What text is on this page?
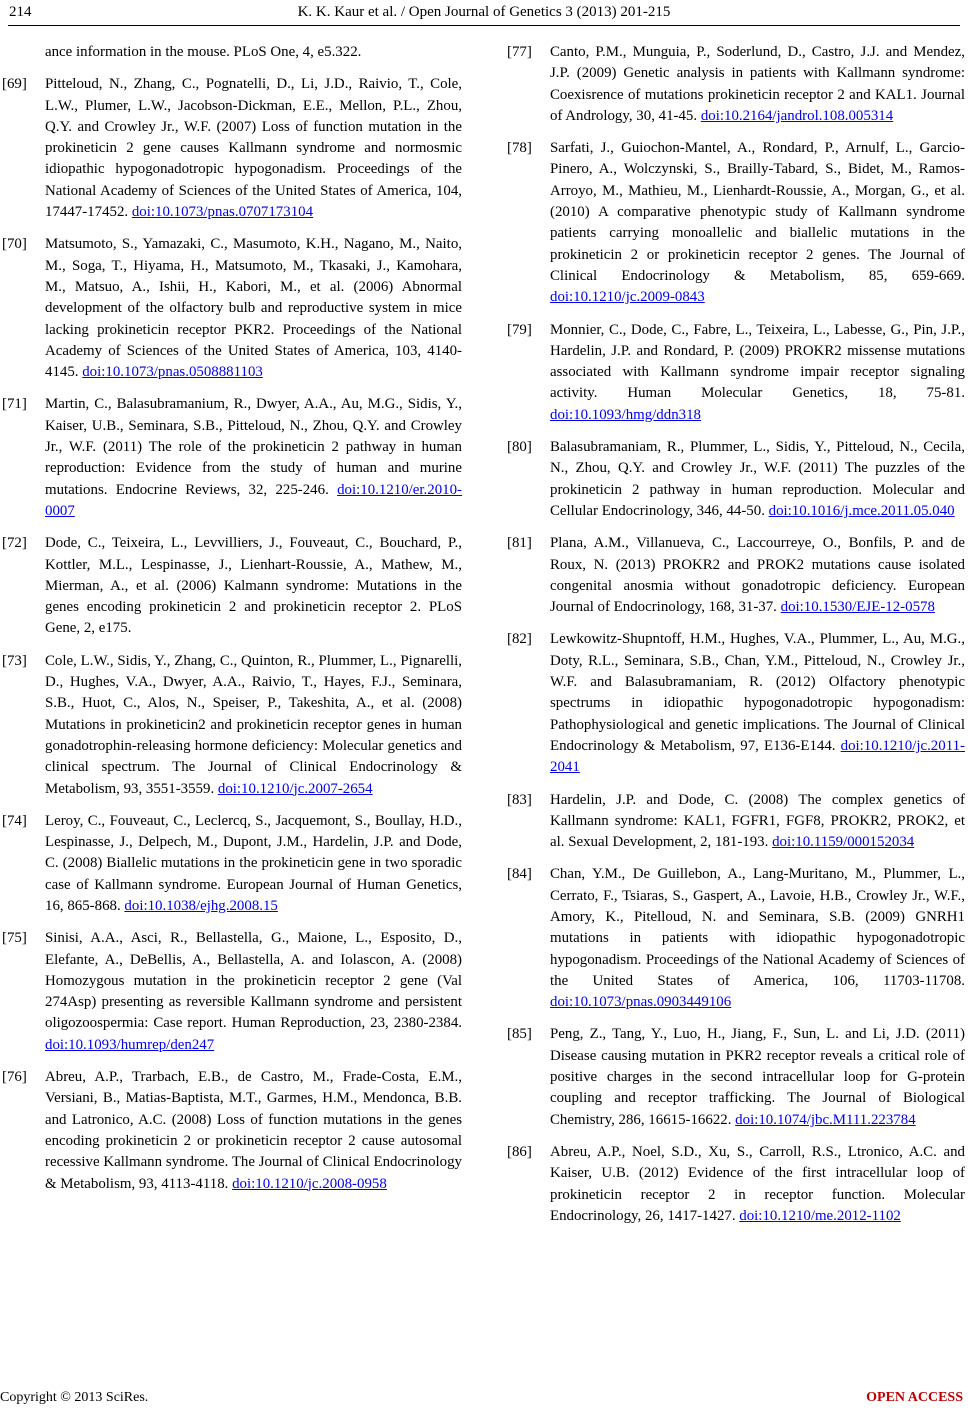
214	K. K. Kaur et al. / Open Journal of Genetics 3 (2013) 201-215
ance information in the mouse. PLoS One, 4, e5.322.
[69] Pitteloud, N., Zhang, C., Pognatelli, D., Li, J.D., Raivio, T., Cole, L.W., Plumer, L.W., Jacobson-Dickman, E.E., Mellon, P.L., Zhou, Q.Y. and Crowley Jr., W.F. (2007) Loss of function mutation in the prokineticin 2 gene causes Kallmann syndrome and normosmic idiopathic hypogonadotropic hypogonadism. Proceedings of the National Academy of Sciences of the United States of America, 104, 17447-17452. doi:10.1073/pnas.0707173104
[70] Matsumoto, S., Yamazaki, C., Masumoto, K.H., Nagano, M., Naito, M., Soga, T., Hiyama, H., Matsumoto, M., Tkasaki, J., Kamohara, M., Matsuo, A., Ishii, H., Kabori, M., et al. (2006) Abnormal development of the olfactory bulb and reproductive system in mice lacking prokineticin receptor PKR2. Proceedings of the National Academy of Sciences of the United States of America, 103, 4140-4145. doi:10.1073/pnas.0508881103
[71] Martin, C., Balasubramanium, R., Dwyer, A.A., Au, M.G., Sidis, Y., Kaiser, U.B., Seminara, S.B., Pitteloud, N., Zhou, Q.Y. and Crowley Jr., W.F. (2011) The role of the prokineticin 2 pathway in human reproduction: Evidence from the study of human and murine mutations. Endocrine Reviews, 32, 225-246. doi:10.1210/er.2010-0007
[72] Dode, C., Teixeira, L., Levvilliers, J., Fouveaut, C., Bouchard, P., Kottler, M.L., Lespinasse, J., Lienhart-Roussie, A., Mathew, M., Mierman, A., et al. (2006) Kalmann syndrome: Mutations in the genes encoding prokineticin 2 and prokineticin receptor 2. PLoS Gene, 2, e175.
[73] Cole, L.W., Sidis, Y., Zhang, C., Quinton, R., Plummer, L., Pignarelli, D., Hughes, V.A., Dwyer, A.A., Raivio, T., Hayes, F.J., Seminara, S.B., Huot, C., Alos, N., Speiser, P., Takeshita, A., et al. (2008) Mutations in prokineticin2 and prokineticin receptor genes in human gonadotrophin-releasing hormone deficiency: Molecular genetics and clinical spectrum. The Journal of Clinical Endocrinology & Metabolism, 93, 3551-3559. doi:10.1210/jc.2007-2654
[74] Leroy, C., Fouveaut, C., Leclercq, S., Jacquemont, S., Boullay, H.D., Lespinasse, J., Delpech, M., Dupont, J.M., Hardelin, J.P. and Dode, C. (2008) Biallelic mutations in the prokineticin gene in two sporadic case of Kallmann syndrome. European Journal of Human Genetics, 16, 865-868. doi:10.1038/ejhg.2008.15
[75] Sinisi, A.A., Asci, R., Bellastella, G., Maione, L., Esposito, D., Elefante, A., DeBellis, A., Bellastella, A. and Iolascon, A. (2008) Homozygous mutation in the prokineticin receptor 2 gene (Val 274Asp) presenting as reversible Kallmann syndrome and persistent oligozoospermia: Case report. Human Reproduction, 23, 2380-2384. doi:10.1093/humrep/den247
[76] Abreu, A.P., Trarbach, E.B., de Castro, M., Frade-Costa, E.M., Versiani, B., Matias-Baptista, M.T., Garmes, H.M., Mendonca, B.B. and Latronico, A.C. (2008) Loss of function mutations in the genes encoding prokineticin 2 or prokineticin receptor 2 cause autosomal recessive Kallmann syndrome. The Journal of Clinical Endocrinology & Metabolism, 93, 4113-4118. doi:10.1210/jc.2008-0958
[77] Canto, P.M., Munguia, P., Soderlund, D., Castro, J.J. and Mendez, J.P. (2009) Genetic analysis in patients with Kallmann syndrome: Coexisrence of mutations prokineticin receptor 2 and KAL1. Journal of Andrology, 30, 41-45. doi:10.2164/jandrol.108.005314
[78] Sarfati, J., Guiochon-Mantel, A., Rondard, P., Arnulf, L., Garcio-Pinero, A., Wolczynski, S., Brailly-Tabard, S., Bidet, M., Ramos-Arroyo, M., Mathieu, M., Lienhardt-Roussie, A., Morgan, G., et al. (2010) A comparative phenotypic study of Kallmann syndrome patients carrying monoallelic and biallelic mutations in the prokineticin 2 or prokineticin receptor 2 genes. The Journal of Clinical Endocrinology & Metabolism, 85, 659-669. doi:10.1210/jc.2009-0843
[79] Monnier, C., Dode, C., Fabre, L., Teixeira, L., Labesse, G., Pin, J.P., Hardelin, J.P. and Rondard, P. (2009) PROKR2 missense mutations associated with Kallmann syndrome impair receptor signaling activity. Human Molecular Genetics, 18, 75-81. doi:10.1093/hmg/ddn318
[80] Balasubramaniam, R., Plummer, L., Sidis, Y., Pitteloud, N., Cecila, N., Zhou, Q.Y. and Crowley Jr., W.F. (2011) The puzzles of the prokineticin 2 pathway in human reproduction. Molecular and Cellular Endocrinology, 346, 44-50. doi:10.1016/j.mce.2011.05.040
[81] Plana, A.M., Villanueva, C., Laccourreye, O., Bonfils, P. and de Roux, N. (2013) PROKR2 and PROK2 mutations cause isolated congenital anosmia without gonadotropic deficiency. European Journal of Endocrinology, 168, 31-37. doi:10.1530/EJE-12-0578
[82] Lewkowitz-Shupntoff, H.M., Hughes, V.A., Plummer, L., Au, M.G., Doty, R.L., Seminara, S.B., Chan, Y.M., Pitteloud, N., Crowley Jr., W.F. and Balasubramaniam, R. (2012) Olfactory phenotypic spectrums in idiopathic hypogonadotropic hypogonadism: Pathophysiological and genetic implications. The Journal of Clinical Endocrinology & Metabolism, 97, E136-E144. doi:10.1210/jc.2011-2041
[83] Hardelin, J.P. and Dode, C. (2008) The complex genetics of Kallmann syndrome: KAL1, FGFR1, FGF8, PROKR2, PROK2, et al. Sexual Development, 2, 181-193. doi:10.1159/000152034
[84] Chan, Y.M., De Guillebon, A., Lang-Muritano, M., Plummer, L., Cerrato, F., Tsiaras, S., Gaspert, A., Lavoie, H.B., Crowley Jr., W.F., Amory, K., Pitelloud, N. and Seminara, S.B. (2009) GNRH1 mutations in patients with idiopathic hypogonadotropic hypogonadism. Proceedings of the National Academy of Sciences of the United States of America, 106, 11703-11708. doi:10.1073/pnas.0903449106
[85] Peng, Z., Tang, Y., Luo, H., Jiang, F., Sun, L. and Li, J.D. (2011) Disease causing mutation in PKR2 receptor reveals a critical role of positive charges in the second intracellular loop for G-protein coupling and receptor trafficking. The Journal of Biological Chemistry, 286, 16615-16622. doi:10.1074/jbc.M111.223784
[86] Abreu, A.P., Noel, S.D., Xu, S., Carroll, R.S., Ltronico, A.C. and Kaiser, U.B. (2012) Evidence of the first intracellular loop of prokineticin receptor 2 in receptor function. Molecular Endocrinology, 26, 1417-1427. doi:10.1210/me.2012-1102
Copyright © 2013 SciRes.	OPEN ACCESS
